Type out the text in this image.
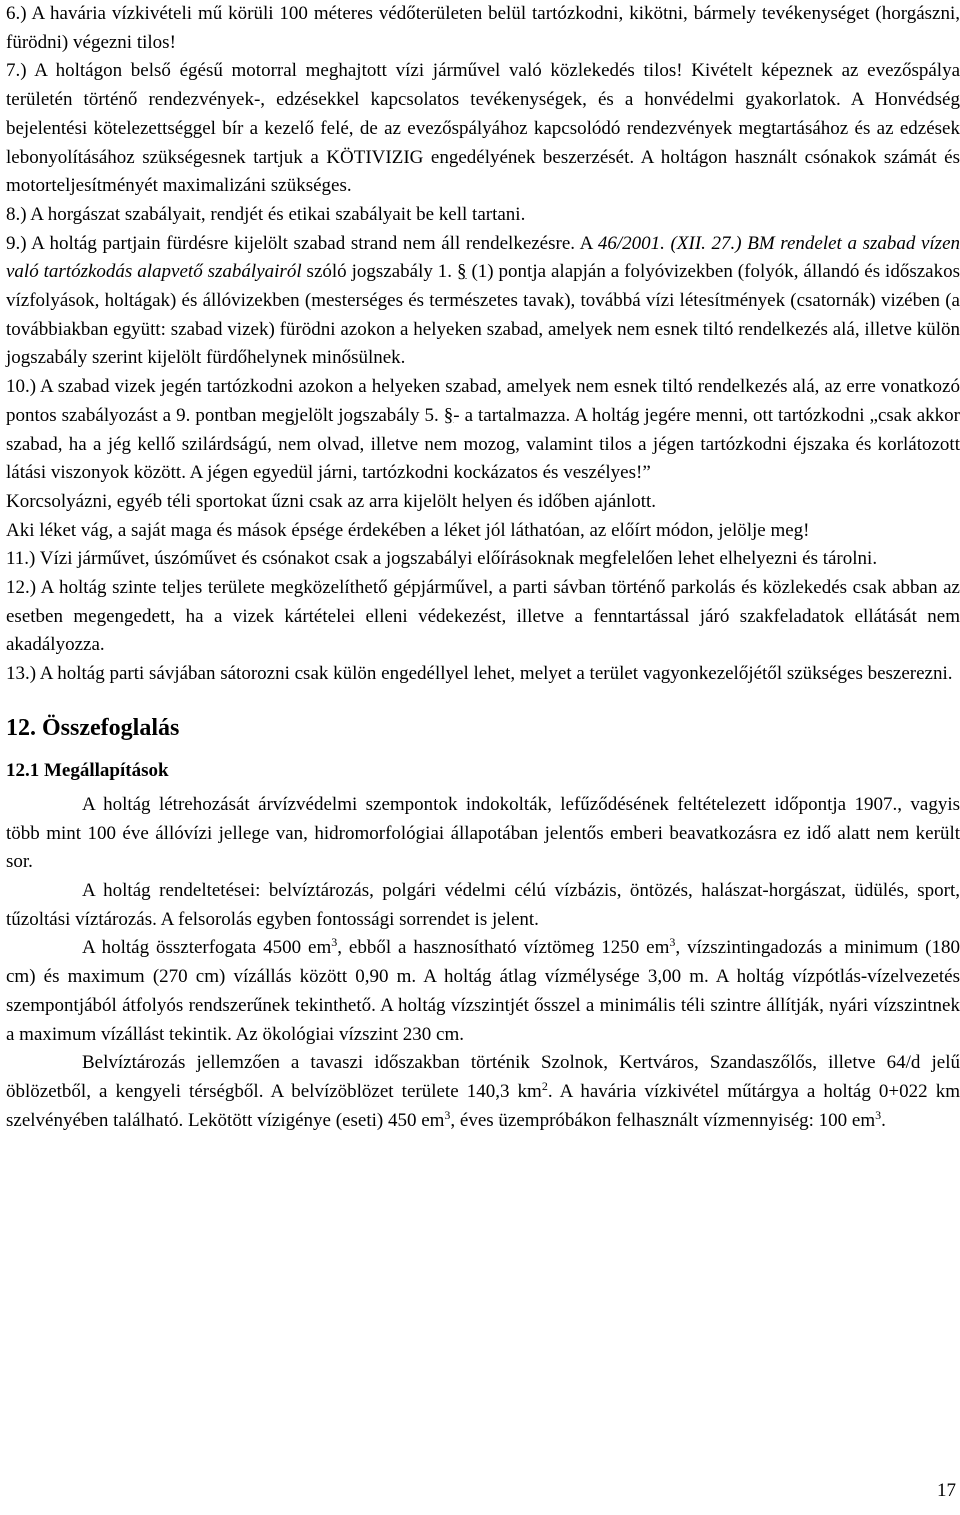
6.) A havária vízkivételi mű körüli 100 méteres védőterületen belül tartózkodni, kikötni, bármely tevékenységet (horgászni, fürödni) végezni tilos!

7.) A holtágon belső égésű motorral meghajtott vízi járművel való közlekedés tilos! Kivételt képeznek az evezőspálya területén történő rendezvények-, edzésekkel kapcsolatos tevékenységek, és a honvédelmi gyakorlatok. A Honvédség bejelentési kötelezettséggel bír a kezelő felé, de az evezőspályához kapcsolódó rendezvények megtartásához és az edzések lebonyolításához szükségesnek tartjuk a KÖTIVIZIG engedélyének beszerzését. A holtágon használt csónakok számát és motorteljesítményét maximalizáni szükséges.

8.) A horgászat szabályait, rendjét és etikai szabályait be kell tartani.

9.) A holtág partjain fürdésre kijelölt szabad strand nem áll rendelkezésre. A 46/2001. (XII. 27.) BM rendelet a szabad vízen való tartózkodás alapvető szabályairól szóló jogszabály 1. § (1) pontja alapján a folyóvizekben (folyók, állandó és időszakos vízfolyások, holtágak) és állóvizekben (mesterséges és természetes tavak), továbbá vízi létesítmények (csatornák) vizében (a továbbiakban együtt: szabad vizek) fürödni azokon a helyeken szabad, amelyek nem esnek tiltó rendelkezés alá, illetve külön jogszabály szerint kijelölt fürdőhelynek minősülnek.

10.) A szabad vizek jegén tartózkodni azokon a helyeken szabad, amelyek nem esnek tiltó rendelkezés alá, az erre vonatkozó pontos szabályozást a 9. pontban megjelölt jogszabály 5. §- a tartalmazza. A holtág jegére menni, ott tartózkodni „csak akkor szabad, ha a jég kellő szilárdságú, nem olvad, illetve nem mozog, valamint tilos a jégen tartózkodni éjszaka és korlátozott látási viszonyok között. A jégen egyedül járni, tartózkodni kockázatos és veszélyes!”

Korcsolyázni, egyéb téli sportokat űzni csak az arra kijelölt helyen és időben ajánlott.

Aki léket vág, a saját maga és mások épsége érdekében a léket jól láthatóan, az előírt módon, jelölje meg!

11.) Vízi járművet, úszóművet és csónakot csak a jogszabályi előírásoknak megfelelően lehet elhelyezni és tárolni.

12.) A holtág szinte teljes területe megközelíthető gépjárművel, a parti sávban történő parkolás és közlekedés csak abban az esetben megengedett, ha a vizek kártételei elleni védekezést, illetve a fenntartással járó szakfeladatok ellátását nem akadályozza.

13.) A holtág parti sávjában sátorozni csak külön engedéllyel lehet, melyet a terület vagyonkezelőjétől szükséges beszerezni.

12. Összefoglalás
12.1 Megállapítások

A holtág létrehozását árvízvédelmi szempontok indokolták, lefűződésének feltételezett időpontja 1907., vagyis több mint 100 éve állóvízi jellege van, hidromorfológiai állapotában jelentős emberi beavatkozásra ez idő alatt nem került sor.

A holtág rendeltetései: belvíztározás, polgári védelmi célú vízbázis, öntözés, halászat-horgászat, üdülés, sport, tűzoltási víztározás. A felsorolás egyben fontossági sorrendet is jelent.

A holtág összterfogata 4500 $em^3$, ebből a hasznosítható víztömeg 1250 $em^3$, vízszintingadozás a minimum (180 cm) és maximum (270 cm) vízállás között 0,90 m. A holtág átlag vízmélysége 3,00 m. A holtág vízpótlás-vízelvezetés szempontjából átfolyós rendszerűnek tekinthető. A holtág vízszintjét ősszel a minimális téli szintre állítják, nyári vízszintnek a maximum vízállást tekintik. Az ökológiai vízszint 230 cm.

Belvíztározás jellemzően a tavaszi időszakban történik Szolnok, Kertváros, Szandaszőlős, illetve 64/d jelű öblözetből, a kengyeli térségből. A belvízöblözet területe 140,3 $km^2$. A havária vízkivétel műtárgya a holtág 0+022 km szelvényében található. Lekötött vízigénye (eseti) 450 $em^3$, éves üzempróbákon felhasznált vízmennyiség: 100 $em^3$.

17
